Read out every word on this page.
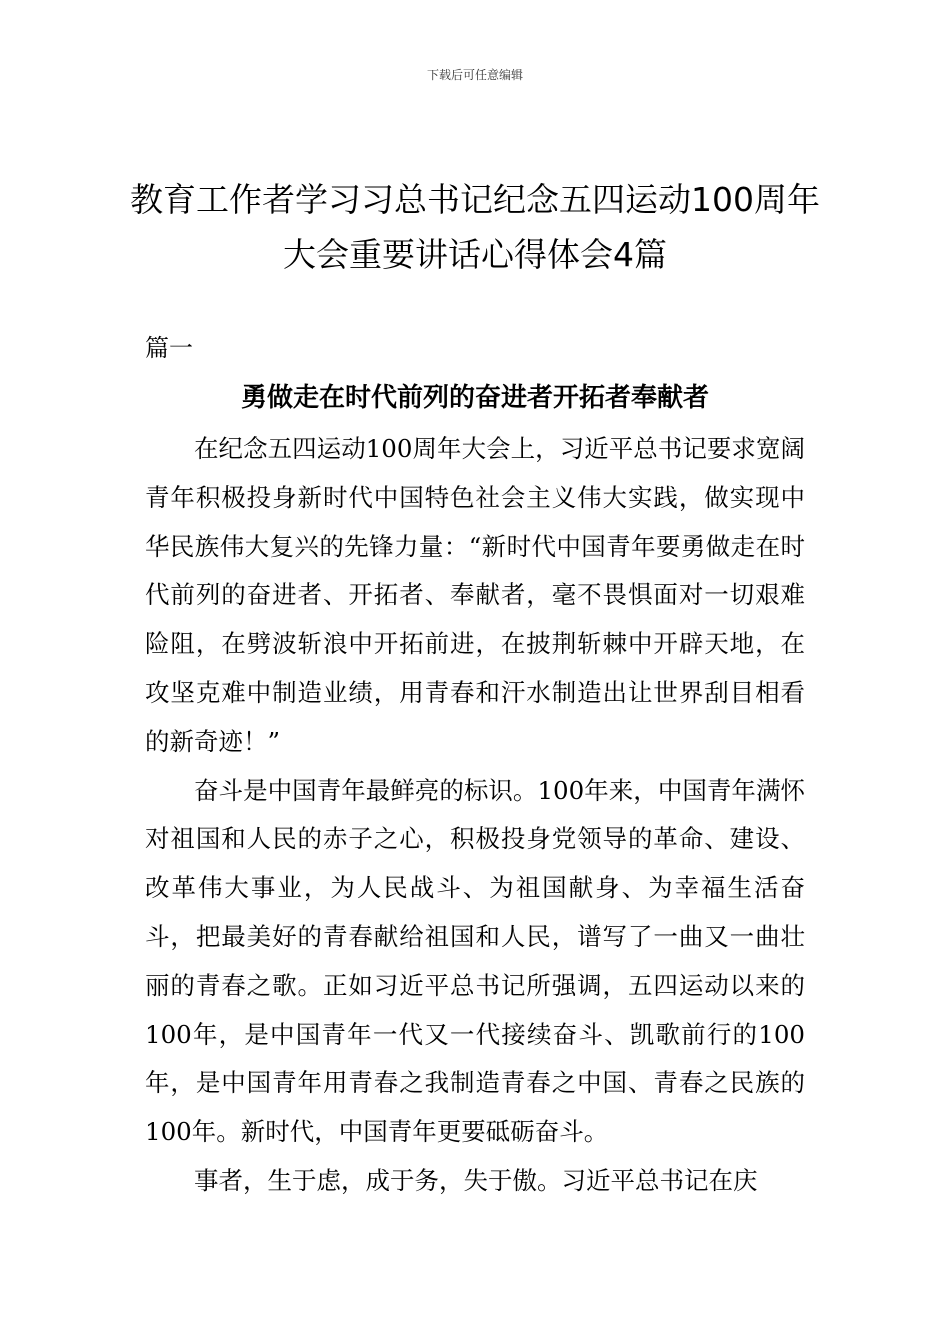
下载后可任意编辑
教育工作者学习习总书记纪念五四运动100周年大会重要讲话心得体会4篇
篇一
勇做走在时代前列的奋进者开拓者奉献者

在纪念五四运动100周年大会上，习近平总书记要求宽阔青年积极投身新时代中国特色社会主义伟大实践，做实现中华民族伟大复兴的先锋力量：“新时代中国青年要勇做走在时代前列的奋进者、开拓者、奉献者，毫不畏惧面对一切艰难险阻，在劈波斩浪中开拓前进，在披荆斩棘中开辟天地，在攻坚克难中制造业绩，用青春和汗水制造出让世界刮目相看的新奇迹！”

奋斗是中国青年最鲜亮的标识。100年来，中国青年满怀对祖国和人民的赤子之心，积极投身党领导的革命、建设、改革伟大事业，为人民战斗、为祖国献身、为幸福生活奋斗，把最美好的青春献给祖国和人民，谱写了一曲又一曲壮丽的青春之歌。正如习近平总书记所强调，五四运动以来的100年，是中国青年一代又一代接续奋斗、凯歌前行的100年，是中国青年用青春之我制造青春之中国、青春之民族的100年。新时代，中国青年更要砥砺奋斗。

事者，生于虑，成于务，失于傲。习近平总书记在庆
